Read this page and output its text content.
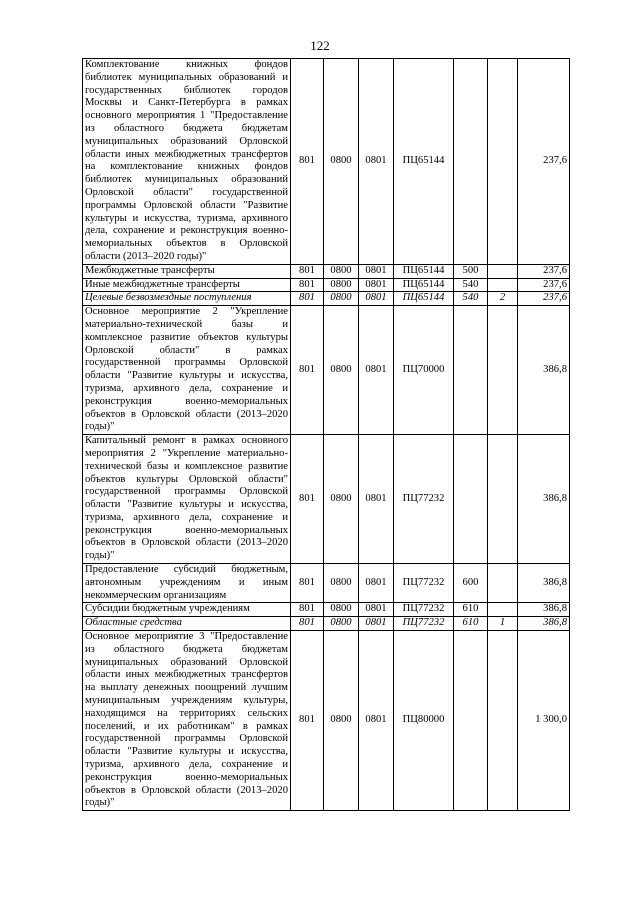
122
Комплектование книжных фондов библиотек муниципальных образований и государственных библиотек городов Москвы и Санкт-Петербурга в рамках основного мероприятия 1 "Предоставление из областного бюджета бюджетам муниципальных образований Орловской области иных межбюджетных трансфертов на комплектование книжных фондов библиотек муниципальных образований Орловской области" государственной программы Орловской области "Развитие культуры и искусства, туризма, архивного дела, сохранение и реконструкция военно-мемориальных объектов в Орловской области (2013–2020 годы)"	801	0800	0801	ПЦ65144			237,6
Межбюджетные трансферты	801	0800	0801	ПЦ65144	500		237,6
Иные межбюджетные трансферты	801	0800	0801	ПЦ65144	540		237,6
Целевые безвозмездные поступления	801	0800	0801	ПЦ65144	540	2	237,6
Основное мероприятие 2 "Укрепление материально-технической базы и комплексное развитие объектов культуры Орловской области" в рамках государственной программы Орловской области "Развитие культуры и искусства, туризма, архивного дела, сохранение и реконструкция военно-мемориальных объектов в Орловской области (2013–2020 годы)"	801	0800	0801	ПЦ70000			386,8
Капитальный ремонт в рамках основного мероприятия 2 "Укрепление материально-технической базы и комплексное развитие объектов культуры Орловской области" государственной программы Орловской области "Развитие культуры и искусства, туризма, архивного дела, сохранение и реконструкция военно-мемориальных объектов в Орловской области (2013–2020 годы)"	801	0800	0801	ПЦ77232			386,8
Предоставление субсидий бюджетным, автономным учреждениям и иным некоммерческим организациям	801	0800	0801	ПЦ77232	600		386,8
Субсидии бюджетным учреждениям	801	0800	0801	ПЦ77232	610		386,8
Областные средства	801	0800	0801	ПЦ77232	610	1	386,8
Основное мероприятие 3 "Предоставление из областного бюджета бюджетам муниципальных образований Орловской области иных межбюджетных трансфертов на выплату денежных поощрений лучшим муниципальным учреждениям культуры, находящимся на территориях сельских поселений, и их работникам" в рамках государственной программы Орловской области "Развитие культуры и искусства, туризма, архивного дела, сохранение и реконструкция военно-мемориальных объектов в Орловской области (2013–2020 годы)"	801	0800	0801	ПЦ80000			1 300,0
